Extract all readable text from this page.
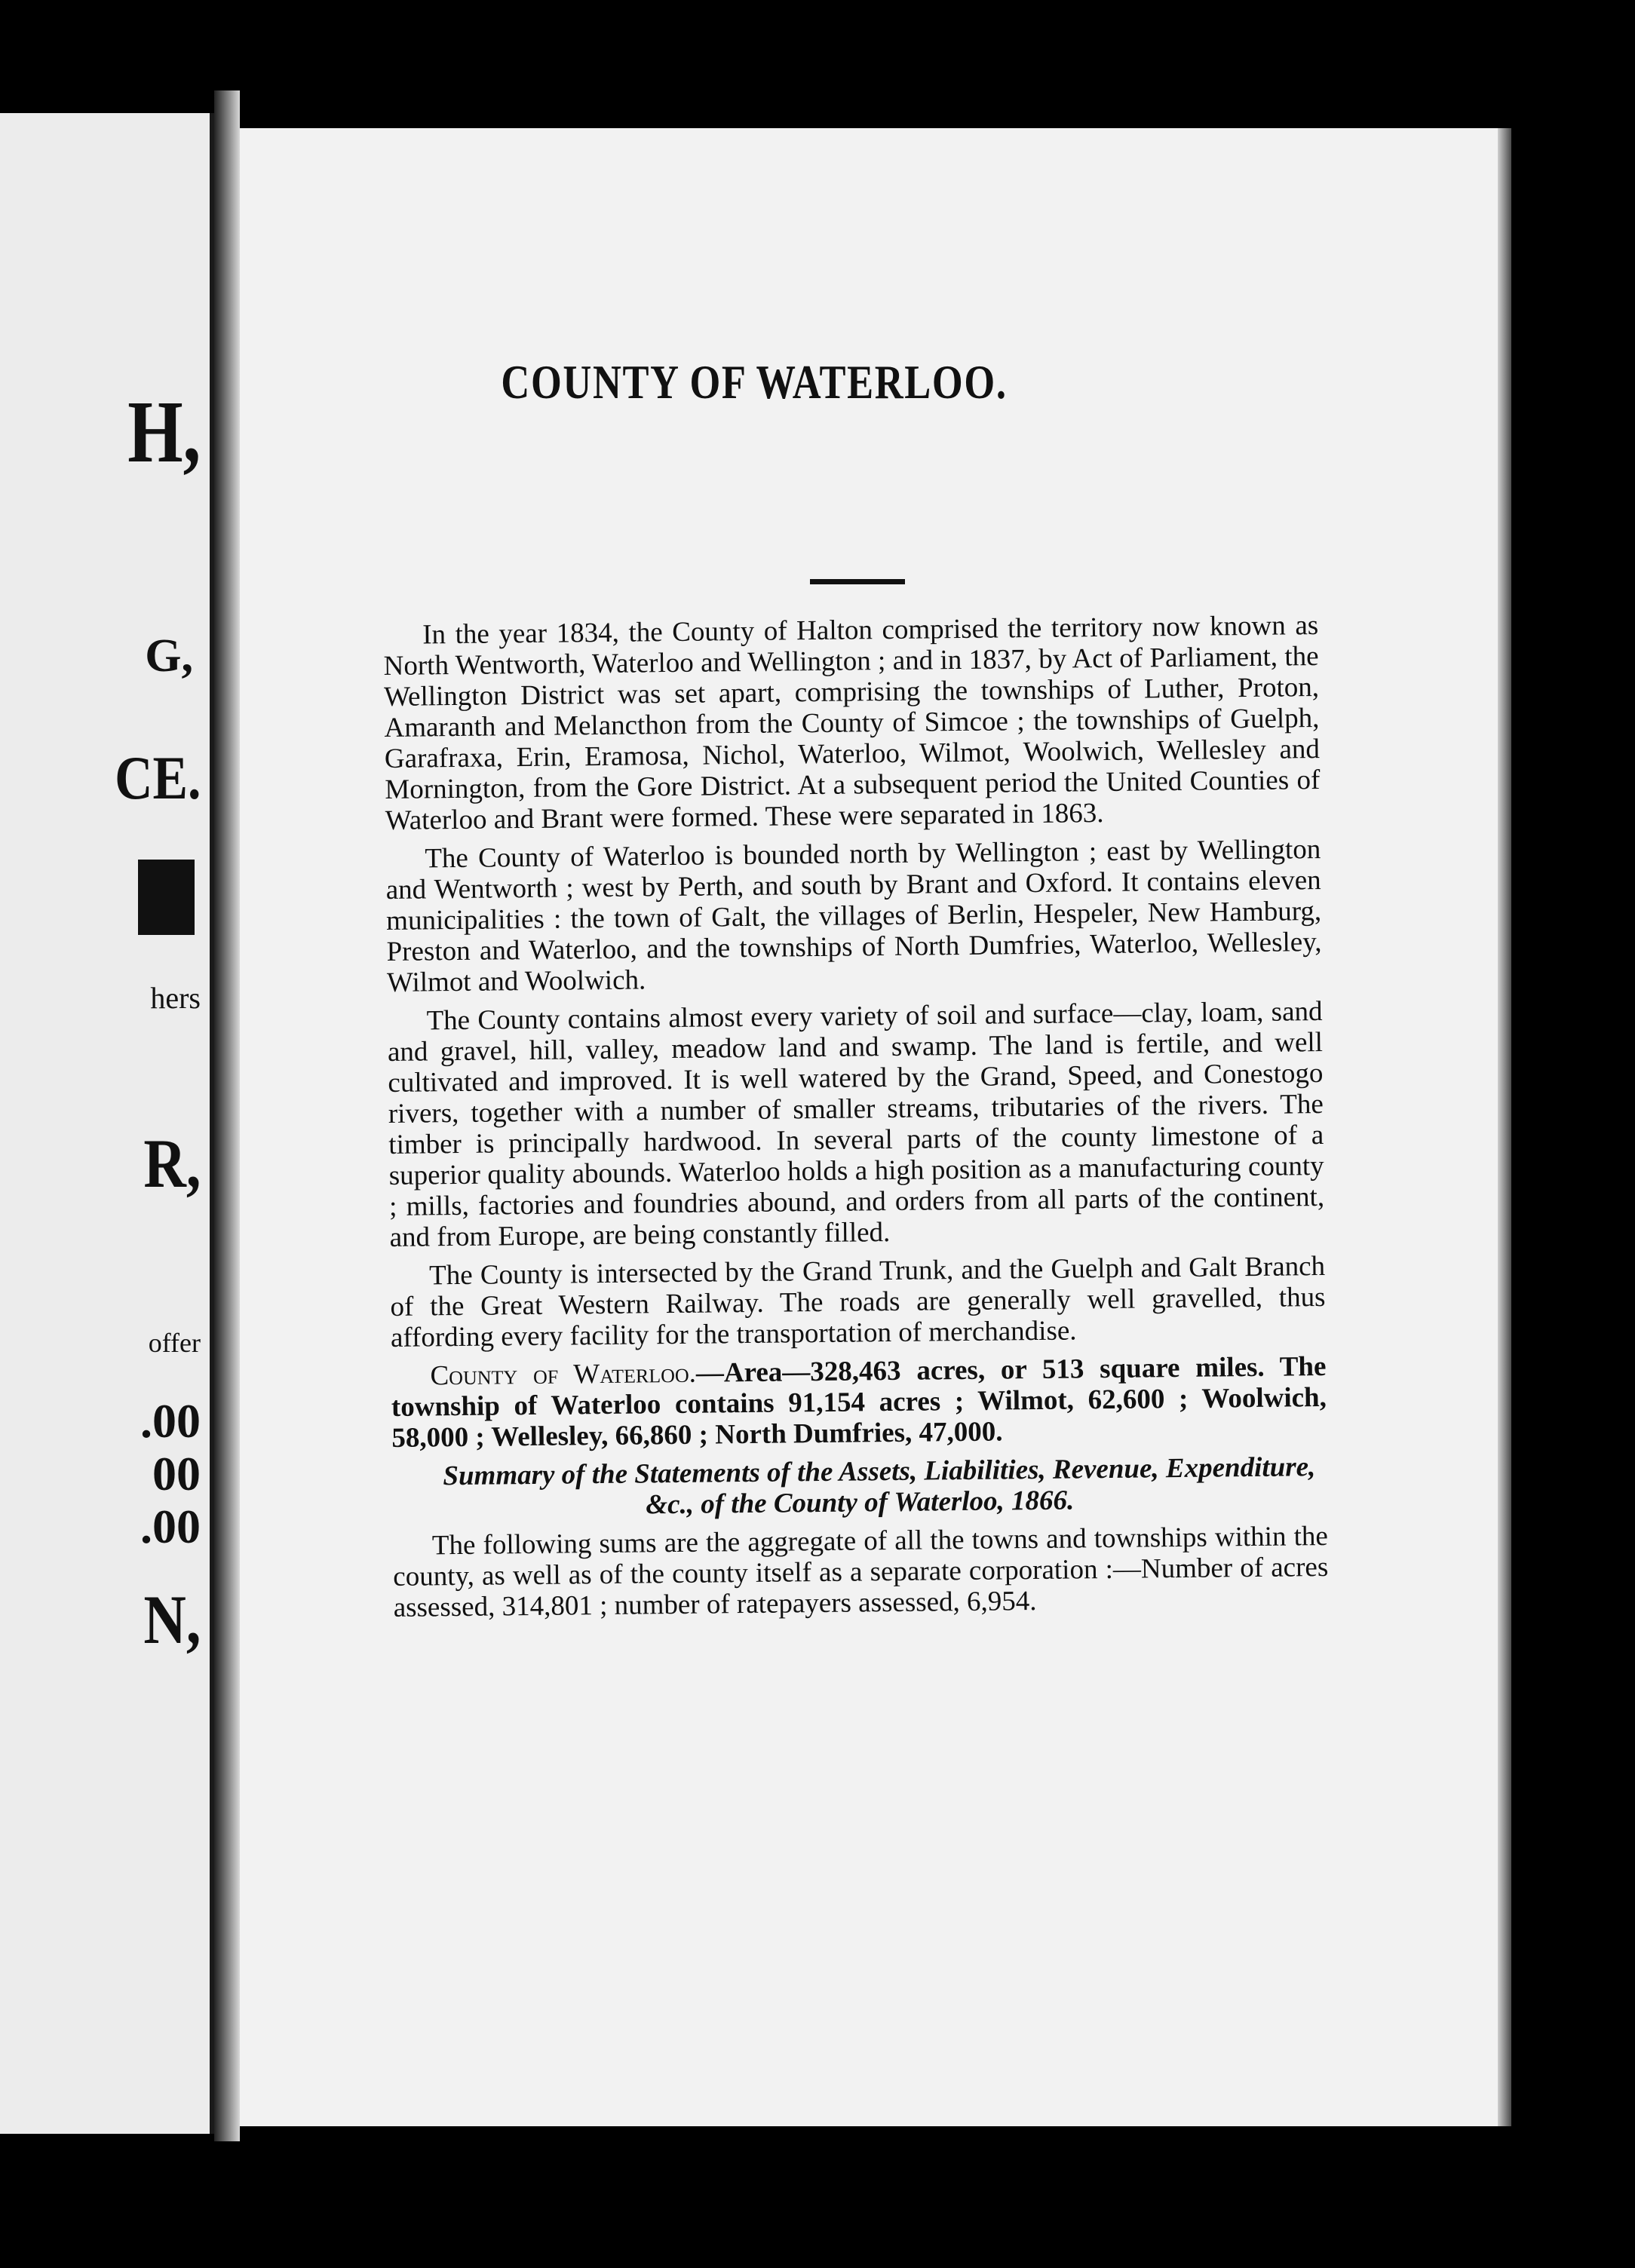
H,
G,
CE.
hers
R,
offer
.00
00
.00
N,
COUNTY OF WATERLOO.

In the year 1834, the County of Halton comprised the territory now known as North Wentworth, Waterloo and Wellington ; and in 1837, by Act of Parliament, the Wellington District was set apart, comprising the townships of Luther, Proton, Amaranth and Melancthon from the County of Simcoe ; the townships of Guelph, Garafraxa, Erin, Eramosa, Nichol, Waterloo, Wilmot, Woolwich, Wellesley and Mornington, from the Gore District. At a subsequent period the United Counties of Waterloo and Brant were formed. These were separated in 1863.

The County of Waterloo is bounded north by Wellington ; east by Wellington and Wentworth ; west by Perth, and south by Brant and Oxford. It contains eleven municipalities : the town of Galt, the villages of Berlin, Hespeler, New Hamburg, Preston and Waterloo, and the townships of North Dumfries, Waterloo, Wellesley, Wilmot and Woolwich.

The County contains almost every variety of soil and surface—clay, loam, sand and gravel, hill, valley, meadow land and swamp. The land is fertile, and well cultivated and improved. It is well watered by the Grand, Speed, and Conestogo rivers, together with a number of smaller streams, tributaries of the rivers. The timber is principally hardwood. In several parts of the county limestone of a superior quality abounds. Waterloo holds a high position as a manufacturing county ; mills, factories and foundries abound, and orders from all parts of the continent, and from Europe, are being constantly filled.

The County is intersected by the Grand Trunk, and the Guelph and Galt Branch of the Great Western Railway. The roads are generally well gravelled, thus affording every facility for the transportation of merchandise.

County of Waterloo.—Area—328,463 acres, or 513 square miles. The township of Waterloo contains 91,154 acres ; Wilmot, 62,600 ; Woolwich, 58,000 ; Wellesley, 66,860 ; North Dumfries, 47,000.

Summary of the Statements of the Assets, Liabilities, Revenue, Expenditure, &c., of the County of Waterloo, 1866.

The following sums are the aggregate of all the towns and townships within the county, as well as of the county itself as a separate corporation :—Number of acres assessed, 314,801 ; number of ratepayers assessed, 6,954.
